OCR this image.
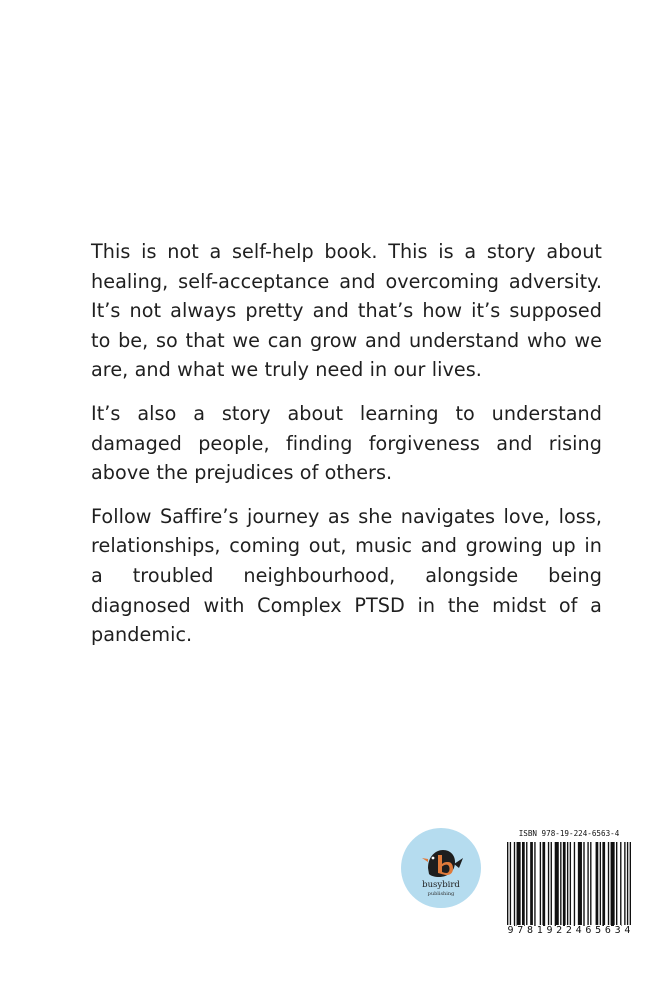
This is not a self-help book. This is a story about healing, self-acceptance and overcoming adversity. It’s not always pretty and that’s how it’s supposed to be, so that we can grow and understand who we are, and what we truly need in our lives.

It’s also a story about learning to understand damaged people, finding forgiveness and rising above the prejudices of others.

Follow Saffire’s journey as she navigates love, loss, relationships, coming out, music and growing up in a troubled neighbourhood, alongside being diagnosed with Complex PTSD in the midst of a pandemic.

busybird
publishing
ISBN 978-19-224-6563-4
9 7 8 1 9 2 2 4 6 5 6 3 4
